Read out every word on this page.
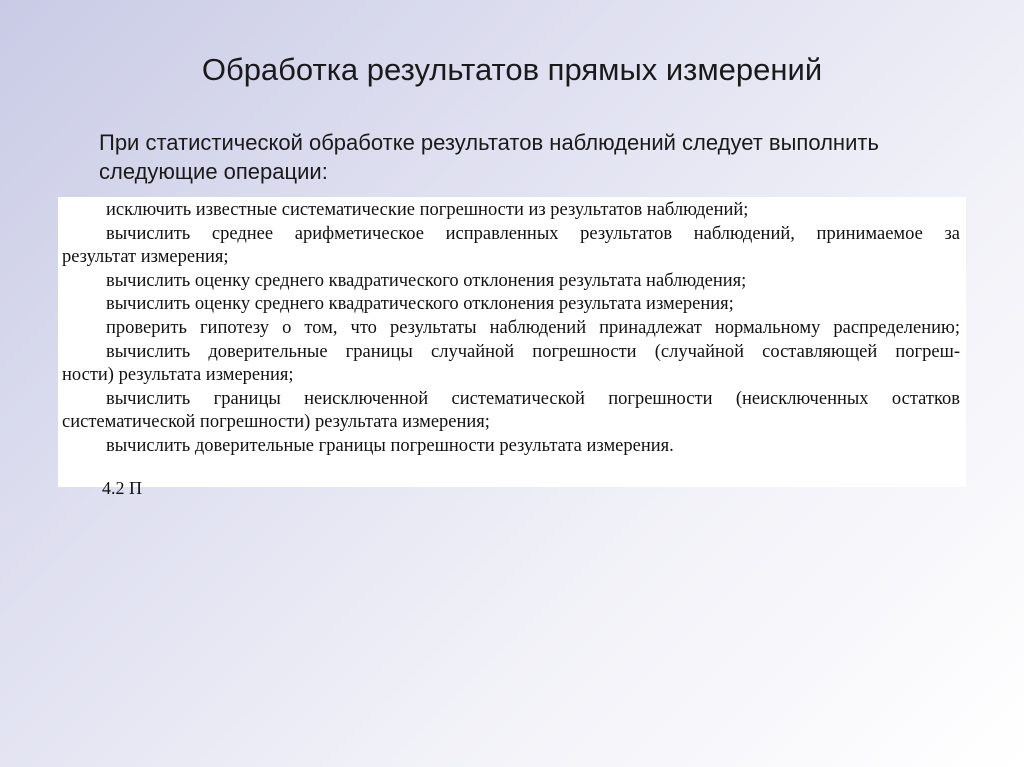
Обработка результатов прямых измерений
При статистической обработке результатов наблюдений следует выполнить следующие операции:
исключить известные систематические погрешности из результатов наблюдений;
вычислить среднее арифметическое исправленных результатов наблюдений, принимаемое за
результат измерения;
вычислить оценку среднего квадратического отклонения результата наблюдения;
вычислить оценку среднего квадратического отклонения результата измерения;
проверить гипотезу о том, что результаты наблюдений принадлежат нормальному распределению;
вычислить доверительные границы случайной погрешности (случайной составляющей погреш-
ности) результата измерения;
вычислить границы неисключенной систематической погрешности (неисключенных остатков
систематической погрешности) результата измерения;
вычислить доверительные границы погрешности результата измерения.
4.2 П
